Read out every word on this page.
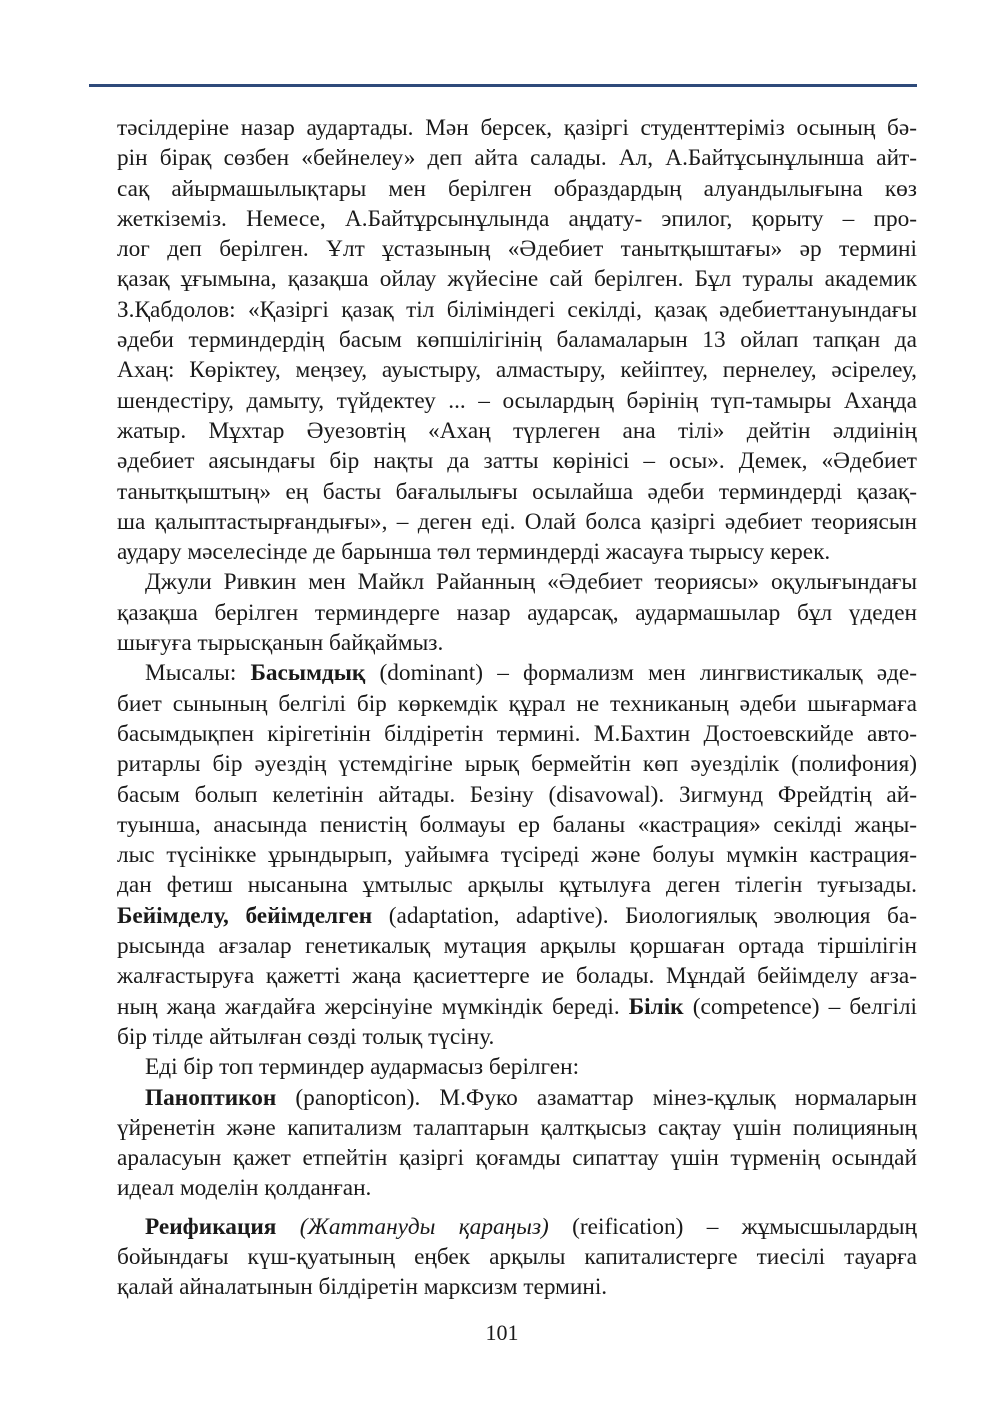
тәсілдеріне назар аудартады. Мән берсек, қазіргі студенттеріміз осының бә-
рін бірақ сөзбен «бейнелеу» деп айта салады. Ал, А.Байтұсынұлынша айт-
сақ айырмашылықтары мен берілген образдардың алуандылығына көз
жеткіземіз. Немесе, А.Байтұрсынұлында аңдату- эпилог, қорыту – про-
лог деп берілген. Ұлт ұстазының «Әдебиет танытқыштағы» әр термині
қазақ ұғымына, қазақша ойлау жүйесіне сай берілген. Бұл туралы академик
З.Қабдолов: «Қазіргі қазақ тіл біліміндегі секілді, қазақ әдебиеттануындағы
әдеби терминдердің басым көпшілігінің баламаларын 13 ойлап тапқан да
Ахаң: Көріктеу, меңзеу, ауыстыру, алмастыру, кейіптеу, пернелеу, әсірелеу,
шендестіру, дамыту, түйдектеу ... – осылардың бәрінің түп-тамыры Ахаңда
жатыр. Мұхтар Әуезовтің «Ахаң түрлеген ана тілі» дейтін әлдиінің
әдебиет аясындағы бір нақты да затты көрінісі – осы». Демек, «Әдебиет
танытқыштың» ең басты бағалылығы осылайша әдеби терминдерді қазақ-
ша қалыптастырғандығы», – деген еді. Олай болса қазіргі әдебиет теориясын
аудару мәселесінде де барынша төл терминдерді жасауға тырысу керек.
Джули Ривкин мен Майкл Райанның «Әдебиет теориясы» оқулығындағы
қазақша берілген терминдерге назар аударсақ, аудармашылар бұл үдеден
шығуға тырысқанын байқаймыз.
Мысалы: Басымдық (dominant) – формализм мен лингвистикалық әде-
биет сынының белгілі бір көркемдік құрал не техниканың әдеби шығармаға
басымдықпен кірігетінін білдіретін термині. М.Бахтин Достоевскийде авто-
ритарлы бір әуездің үстемдігіне ырық бермейтін көп әуезділік (полифония)
басым болып келетінін айтады. Безіну (disavowal). Зигмунд Фрейдтің ай-
туынша, анасында пенистің болмауы ер баланы «кастрация» секілді жаңы-
лыс түсінікке ұрындырып, уайымға түсіреді және болуы мүмкін кастрация-
дан фетиш нысанына ұмтылыс арқылы құтылуға деген тілегін туғызады.
Бейімделу, бейімделген (adaptation, adaptive). Биологиялық эволюция ба-
рысында ағзалар генетикалық мутация арқылы қоршаған ортада тіршілігін
жалғастыруға қажетті жаңа қасиеттерге ие болады. Мұндай бейімделу ағза-
ның жаңа жағдайға жерсінуіне мүмкіндік береді. Білік (competence) – белгілі
бір тілде айтылған сөзді толық түсіну.
Еді бір топ терминдер аудармасыз берілген:
Паноптикон (panopticon). М.Фуко азаматтар мінез-құлық нормаларын
үйренетін және капитализм талаптарын қалтқысыз сақтау үшін полицияның
араласуын қажет етпейтін қазіргі қоғамды сипаттау үшін түрменің осындай
идеал моделін қолданған.
Реификация (Жаттануды қараңыз) (reification) – жұмысшылардың
бойындағы күш-қуатының еңбек арқылы капиталистерге тиесілі тауарға
қалай айналатынын білдіретін марксизм термині.
101
